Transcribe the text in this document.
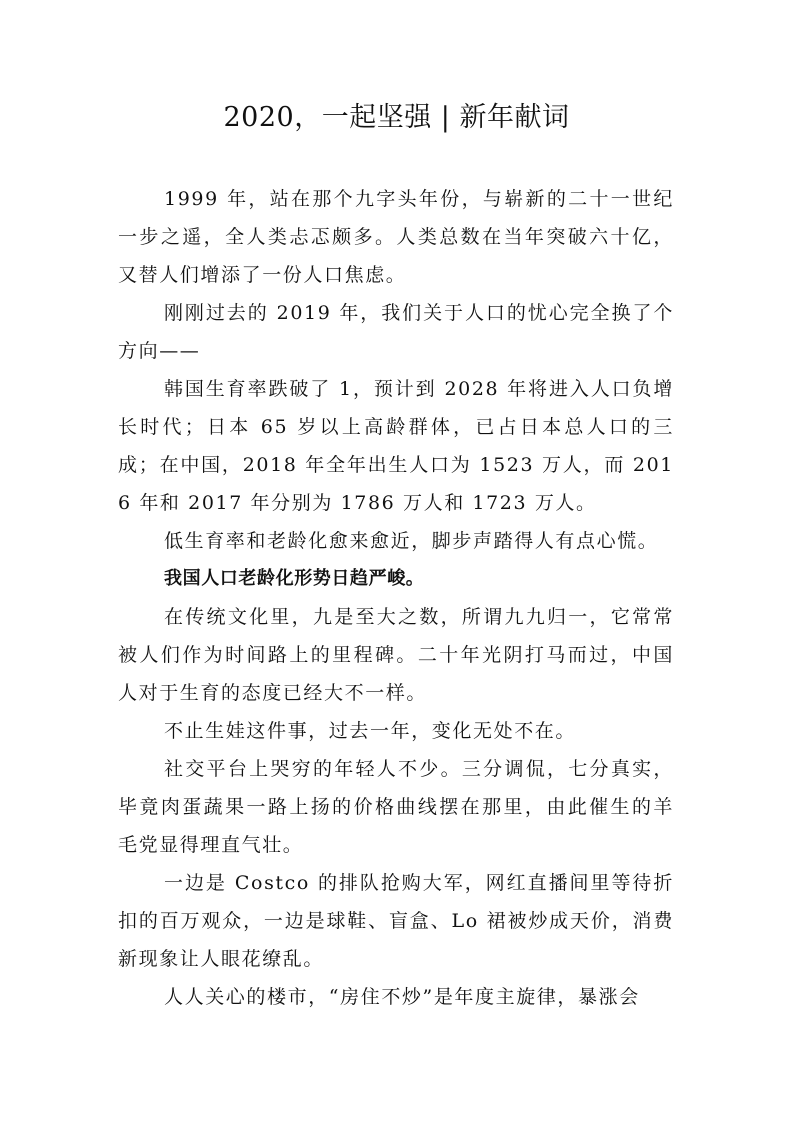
2020，一起坚强 | 新年献词

1999 年，站在那个九字头年份，与崭新的二十一世纪一步之遥，全人类忐忑颇多。人类总数在当年突破六十亿，又替人们增添了一份人口焦虑。

刚刚过去的 2019 年，我们关于人口的忧心完全换了个方向——

韩国生育率跌破了 1，预计到 2028 年将进入人口负增长时代；日本 65 岁以上高龄群体，已占日本总人口的三成；在中国，2018 年全年出生人口为 1523 万人，而 2016 年和 2017 年分别为 1786 万人和 1723 万人。

低生育率和老龄化愈来愈近，脚步声踏得人有点心慌。

我国人口老龄化形势日趋严峻。

在传统文化里，九是至大之数，所谓九九归一，它常常被人们作为时间路上的里程碑。二十年光阴打马而过，中国人对于生育的态度已经大不一样。

不止生娃这件事，过去一年，变化无处不在。

社交平台上哭穷的年轻人不少。三分调侃，七分真实，毕竟肉蛋蔬果一路上扬的价格曲线摆在那里，由此催生的羊毛党显得理直气壮。

一边是 Costco 的排队抢购大军，网红直播间里等待折扣的百万观众，一边是球鞋、盲盒、Lo 裙被炒成天价，消费新现象让人眼花缭乱。

人人关心的楼市，“房住不炒”是年度主旋律，暴涨会
